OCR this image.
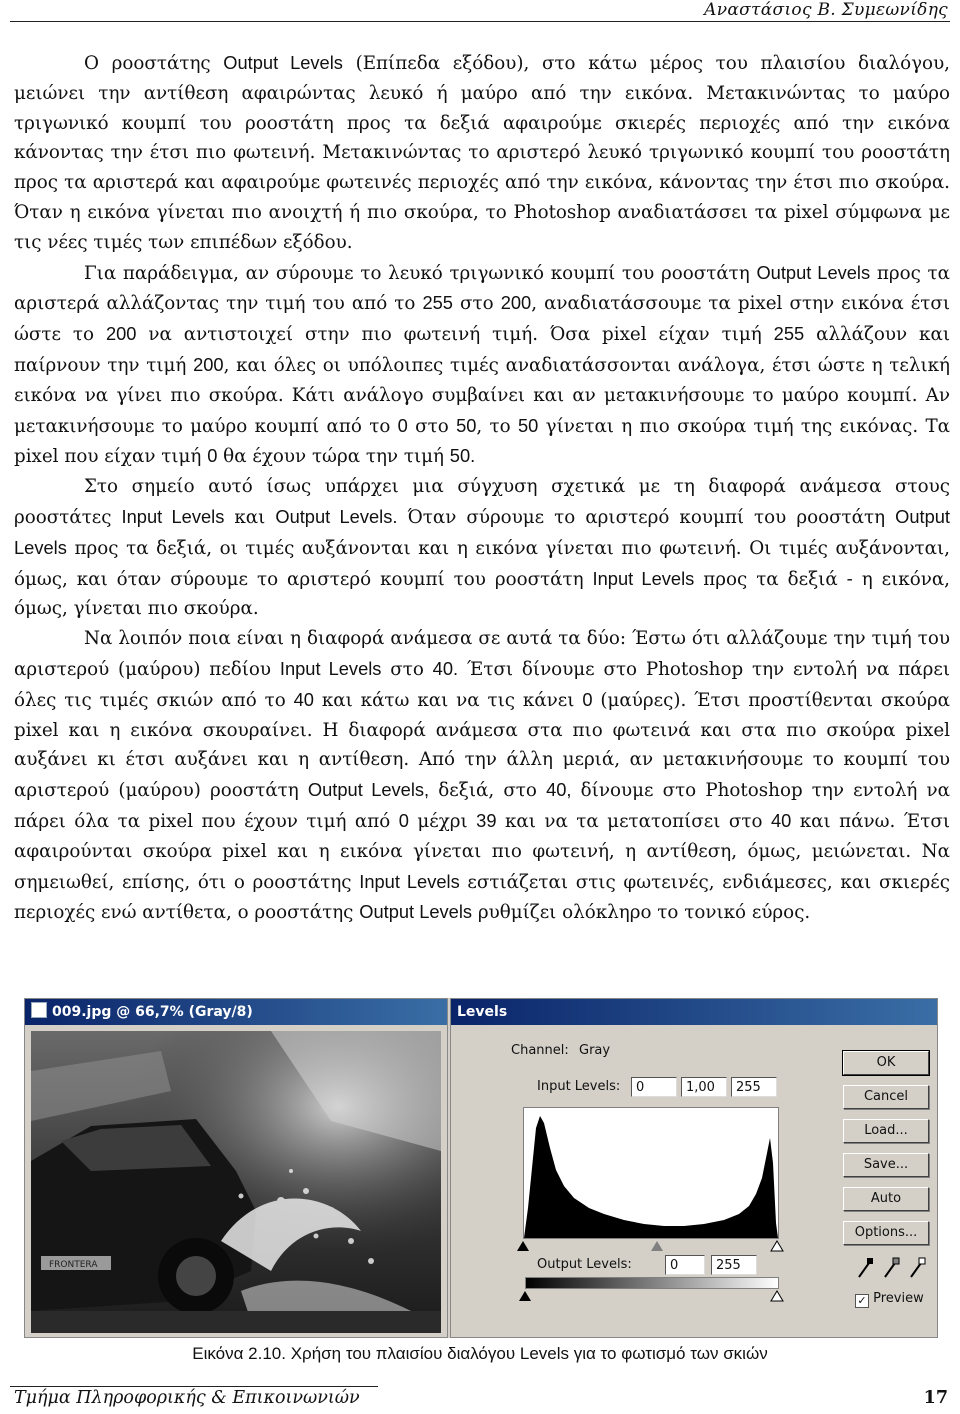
Αναστάσιος Β. Συμεωνίδης

Ο ροοστάτης Output Levels (Επίπεδα εξόδου), στο κάτω μέρος του πλαισίου διαλόγου, μειώνει την αντίθεση αφαιρώντας λευκό ή μαύρο από την εικόνα. Μετακινώντας το μαύρο τριγωνικό κουμπί του ροοστάτη προς τα δεξιά αφαιρούμε σκιερές περιοχές από την εικόνα κάνοντας την έτσι πιο φωτεινή. Μετακινώντας το αριστερό λευκό τριγωνικό κουμπί του ροοστάτη προς τα αριστερά και αφαιρούμε φωτεινές περιοχές από την εικόνα, κάνοντας την έτσι πιο σκούρα. Όταν η εικόνα γίνεται πιο ανοιχτή ή πιο σκούρα, το Photoshop αναδιατάσσει τα pixel σύμφωνα με τις νέες τιμές των επιπέδων εξόδου.

Για παράδειγμα, αν σύρουμε το λευκό τριγωνικό κουμπί του ροοστάτη Output Levels προς τα αριστερά αλλάζοντας την τιμή του από το 255 στο 200, αναδιατάσσουμε τα pixel στην εικόνα έτσι ώστε το 200 να αντιστοιχεί στην πιο φωτεινή τιμή. Όσα pixel είχαν τιμή 255 αλλάζουν και παίρνουν την τιμή 200, και όλες οι υπόλοιπες τιμές αναδιατάσσονται ανάλογα, έτσι ώστε η τελική εικόνα να γίνει πιο σκούρα. Κάτι ανάλογο συμβαίνει και αν μετακινήσουμε το μαύρο κουμπί. Αν μετακινήσουμε το μαύρο κουμπί από το 0 στο 50, το 50 γίνεται η πιο σκούρα τιμή της εικόνας. Τα pixel που είχαν τιμή 0 θα έχουν τώρα την τιμή 50.

Στο σημείο αυτό ίσως υπάρχει μια σύγχυση σχετικά με τη διαφορά ανάμεσα στους ροοστάτες Input Levels και Output Levels. Όταν σύρουμε το αριστερό κουμπί του ροοστάτη Output Levels προς τα δεξιά, οι τιμές αυξάνονται και η εικόνα γίνεται πιο φωτεινή. Οι τιμές αυξάνονται, όμως, και όταν σύρουμε το αριστερό κουμπί του ροοστάτη Input Levels προς τα δεξιά - η εικόνα, όμως, γίνεται πιο σκούρα.

Να λοιπόν ποια είναι η διαφορά ανάμεσα σε αυτά τα δύο: Έστω ότι αλλάζουμε την τιμή του αριστερού (μαύρου) πεδίου Input Levels στο 40. Έτσι δίνουμε στο Photoshop την εντολή να πάρει όλες τις τιμές σκιών από το 40 και κάτω και να τις κάνει 0 (μαύρες). Έτσι προστίθενται σκούρα pixel και η εικόνα σκουραίνει. Η διαφορά ανάμεσα στα πιο φωτεινά και στα πιο σκούρα pixel αυξάνει κι έτσι αυξάνει και η αντίθεση. Από την άλλη μεριά, αν μετακινήσουμε το κουμπί του αριστερού (μαύρου) ροοστάτη Output Levels, δεξιά, στο 40, δίνουμε στο Photoshop την εντολή να πάρει όλα τα pixel που έχουν τιμή από 0 μέχρι 39 και να τα μετατοπίσει στο 40 και πάνω. Έτσι αφαιρούνται σκούρα pixel και η εικόνα γίνεται πιο φωτεινή, η αντίθεση, όμως, μειώνεται. Να σημειωθεί, επίσης, ότι ο ροοστάτης Input Levels εστιάζεται στις φωτεινές, ενδιάμεσες, και σκιερές περιοχές ενώ αντίθετα, ο ροοστάτης Output Levels ρυθμίζει ολόκληρο το τονικό εύρος.

009.jpg @ 66,7% (Gray/8)
FRONTERA
Levels
Channel: Gray
Input Levels:	0	1,00	255
Output Levels:	0	255
OK
Cancel
Load...
Save...
Auto
Options...
✓ Preview
Εικόνα 2.10. Χρήση του πλαισίου διαλόγου Levels για το φωτισμό των σκιών
Τμήμα Πληροφορικής & Επικοινωνιών	17
